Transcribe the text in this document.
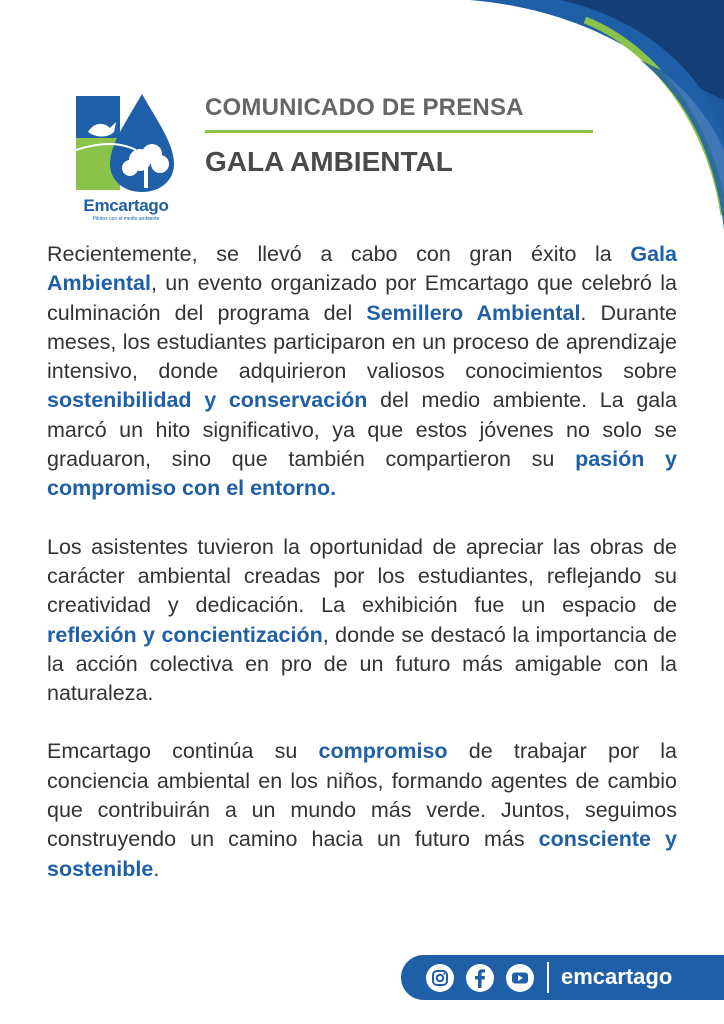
Emcartago
Pilotos con el medio ambiente
COMUNICADO DE PRENSA
GALA AMBIENTAL

Recientemente, se llevó a cabo con gran éxito la Gala Ambiental, un evento organizado por Emcartago que celebró la culminación del programa del Semillero Ambiental. Durante meses, los estudiantes participaron en un proceso de aprendizaje intensivo, donde adquirieron valiosos conocimientos sobre sostenibilidad y conservación del medio ambiente. La gala marcó un hito significativo, ya que estos jóvenes no solo se graduaron, sino que también compartieron su pasión y compromiso con el entorno.

Los asistentes tuvieron la oportunidad de apreciar las obras de carácter ambiental creadas por los estudiantes, reflejando su creatividad y dedicación. La exhibición fue un espacio de reflexión y concientización, donde se destacó la importancia de la acción colectiva en pro de un futuro más amigable con la naturaleza.

Emcartago continúa su compromiso de trabajar por la conciencia ambiental en los niños, formando agentes de cambio que contribuirán a un mundo más verde. Juntos, seguimos construyendo un camino hacia un futuro más consciente y sostenible.

emcartago
